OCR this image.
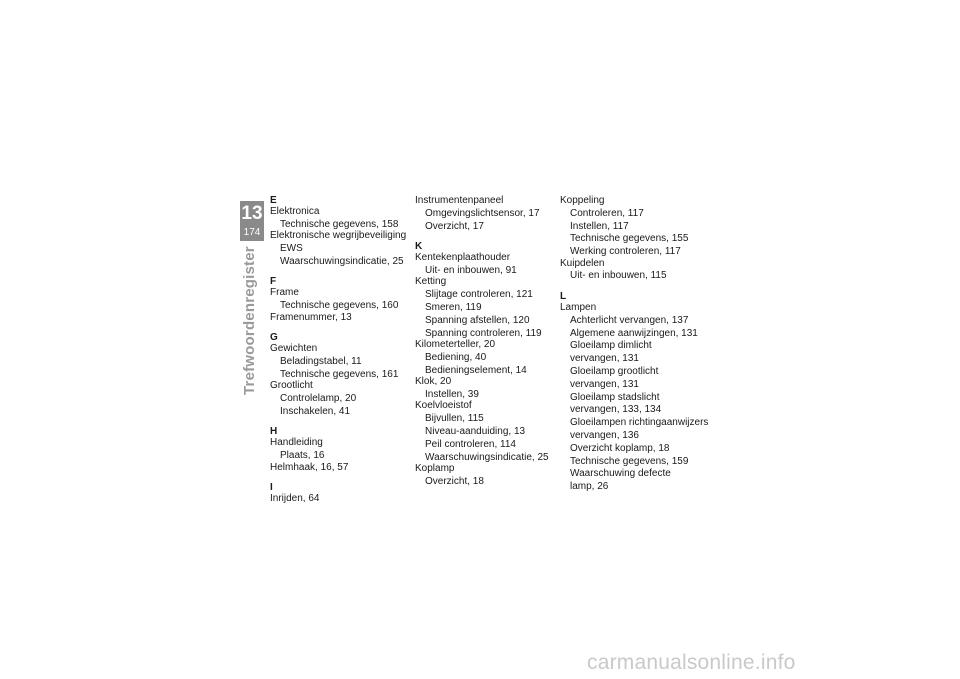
13
174
Trefwoordenregister
E
Elektronica
Technische gegevens, 158
Elektronische wegrijbeveiliging
EWS
Waarschuwingsindicatie, 25
F
Frame
Technische gegevens, 160
Framenummer, 13
G
Gewichten
Beladingstabel, 11
Technische gegevens, 161
Grootlicht
Controlelamp, 20
Inschakelen, 41
H
Handleiding
Plaats, 16
Helmhaak, 16, 57
I
Inrijden, 64
Instrumentenpaneel
Omgevingslichtsensor, 17
Overzicht, 17
K
Kentekenplaathouder
Uit- en inbouwen, 91
Ketting
Slijtage controleren, 121
Smeren, 119
Spanning afstellen, 120
Spanning controleren, 119
Kilometerteller, 20
Bediening, 40
Bedieningselement, 14
Klok, 20
Instellen, 39
Koelvloeistof
Bijvullen, 115
Niveau-aanduiding, 13
Peil controleren, 114
Waarschuwingsindicatie, 25
Koplamp
Overzicht, 18
Koppeling
Controleren, 117
Instellen, 117
Technische gegevens, 155
Werking controleren, 117
Kuipdelen
Uit- en inbouwen, 115
L
Lampen
Achterlicht vervangen, 137
Algemene aanwijzingen, 131
Gloeilamp dimlicht
vervangen, 131
Gloeilamp grootlicht
vervangen, 131
Gloeilamp stadslicht
vervangen, 133, 134
Gloeilampen richtingaanwijzers
vervangen, 136
Overzicht koplamp, 18
Technische gegevens, 159
Waarschuwing defecte
lamp, 26
carmanualsonline.info
